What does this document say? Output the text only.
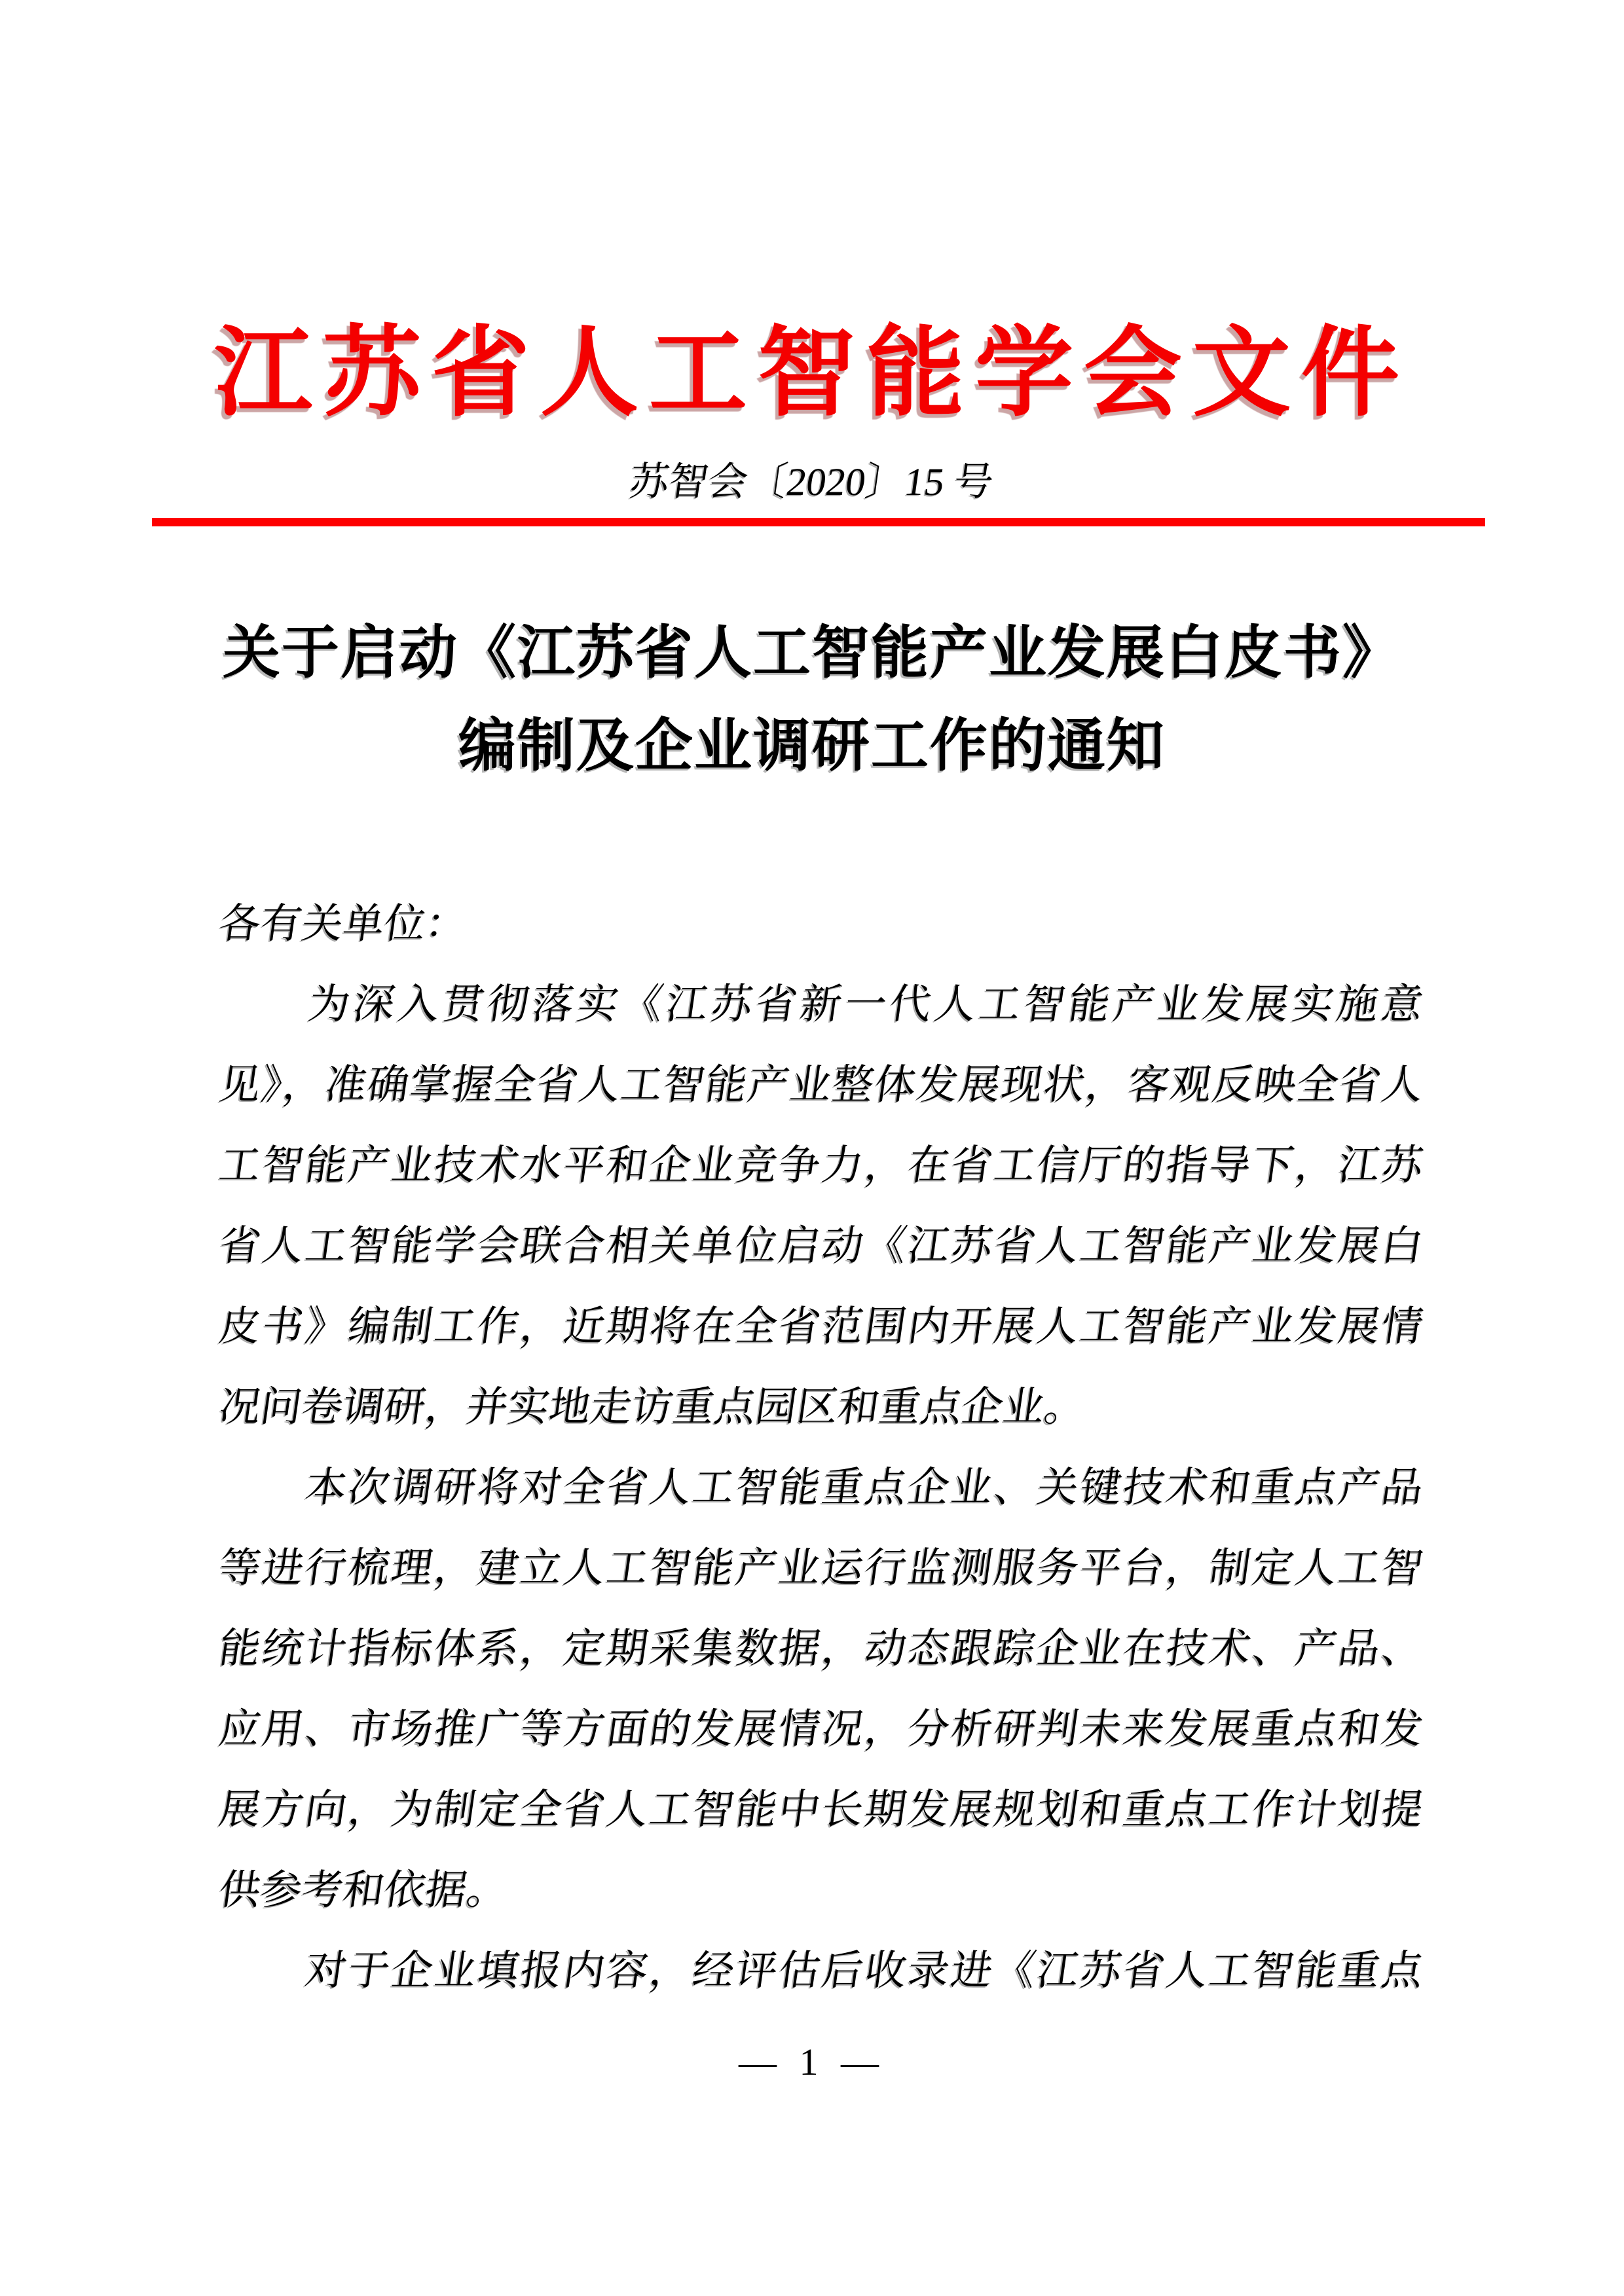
江苏省人工智能学会文件
苏智会〔2020〕15 号
关于启动《江苏省人工智能产业发展白皮书》
编制及企业调研工作的通知
各有关单位：
　　为深入贯彻落实《江苏省新一代人工智能产业发展实施意
见》，准确掌握全省人工智能产业整体发展现状，客观反映全省人
工智能产业技术水平和企业竞争力，在省工信厅的指导下，江苏
省人工智能学会联合相关单位启动《江苏省人工智能产业发展白
皮书》编制工作，近期将在全省范围内开展人工智能产业发展情
况问卷调研，并实地走访重点园区和重点企业。
　　本次调研将对全省人工智能重点企业、关键技术和重点产品
等进行梳理，建立人工智能产业运行监测服务平台，制定人工智
能统计指标体系，定期采集数据，动态跟踪企业在技术、产品、
应用、市场推广等方面的发展情况，分析研判未来发展重点和发
展方向，为制定全省人工智能中长期发展规划和重点工作计划提
供参考和依据。
　　对于企业填报内容，经评估后收录进《江苏省人工智能重点
— 1 —
